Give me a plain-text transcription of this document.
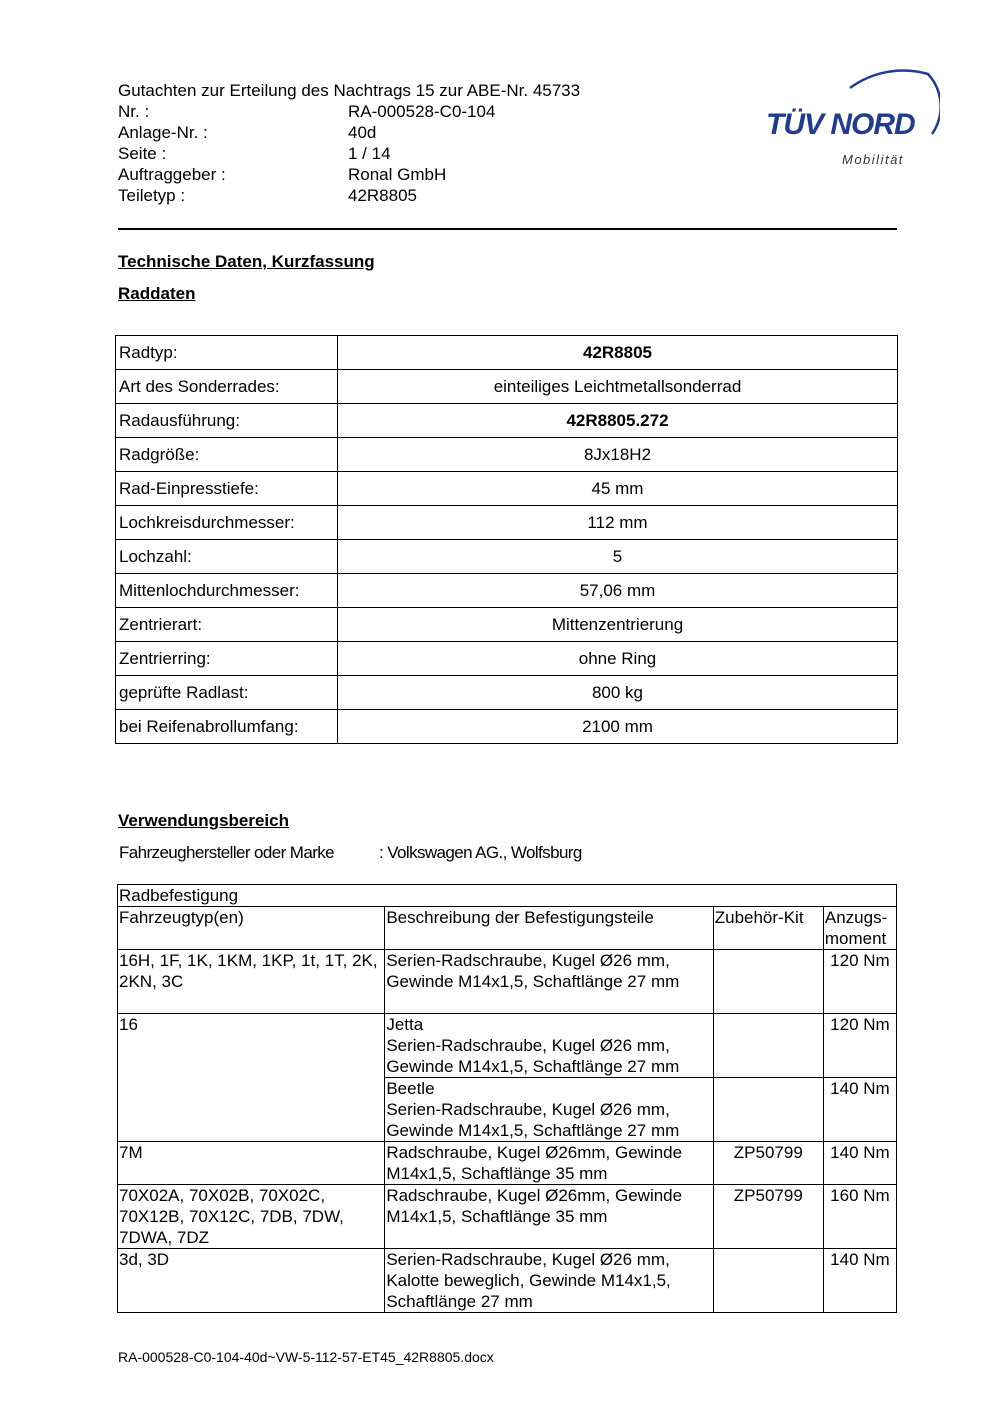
Gutachten zur Erteilung des Nachtrags 15 zur ABE-Nr. 45733
Nr. :	RA-000528-C0-104
Anlage-Nr. :	40d
Seite :	1 / 14
Auftraggeber :	Ronal GmbH
Teiletyp :	42R8805
TÜV NORD
Mobilität
Technische Daten, Kurzfassung
Raddaten
Radtyp:	42R8805
Art des Sonderrades:	einteiliges Leichtmetallsonderrad
Radausführung:	42R8805.272
Radgröße:	8Jx18H2
Rad-Einpresstiefe:	45 mm
Lochkreisdurchmesser:	112 mm
Lochzahl:	5
Mittenlochdurchmesser:	57,06 mm
Zentrierart:	Mittenzentrierung
Zentrierring:	ohne Ring
geprüfte Radlast:	800 kg
bei Reifenabrollumfang:	2100 mm
Verwendungsbereich
Fahrzeughersteller oder Marke	: Volkswagen AG., Wolfsburg
Radbefestigung			
Fahrzeugtyp(en)	Beschreibung der Befestigungsteile	Zubehör-Kit	Anzugs-
moment
16H, 1F, 1K, 1KM, 1KP, 1t, 1T, 2K, 2KN, 3C	Serien-Radschraube, Kugel Ø26 mm, Gewinde M14x1,5, Schaftlänge 27 mm		120 Nm
16	Jetta
Serien-Radschraube, Kugel Ø26 mm, Gewinde M14x1,5, Schaftlänge 27 mm		120 Nm

	Beetle
Serien-Radschraube, Kugel Ø26 mm, Gewinde M14x1,5, Schaftlänge 27 mm		140 Nm
7M	Radschraube, Kugel Ø26mm, Gewinde M14x1,5, Schaftlänge 35 mm	ZP50799	140 Nm
70X02A, 70X02B, 70X02C, 70X12B, 70X12C, 7DB, 7DW, 7DWA, 7DZ	Radschraube, Kugel Ø26mm, Gewinde M14x1,5, Schaftlänge 35 mm	ZP50799	160 Nm
3d, 3D	Serien-Radschraube, Kugel Ø26 mm, Kalotte beweglich, Gewinde M14x1,5, Schaftlänge 27 mm		140 Nm
RA-000528-C0-104-40d~VW-5-112-57-ET45_42R8805.docx
